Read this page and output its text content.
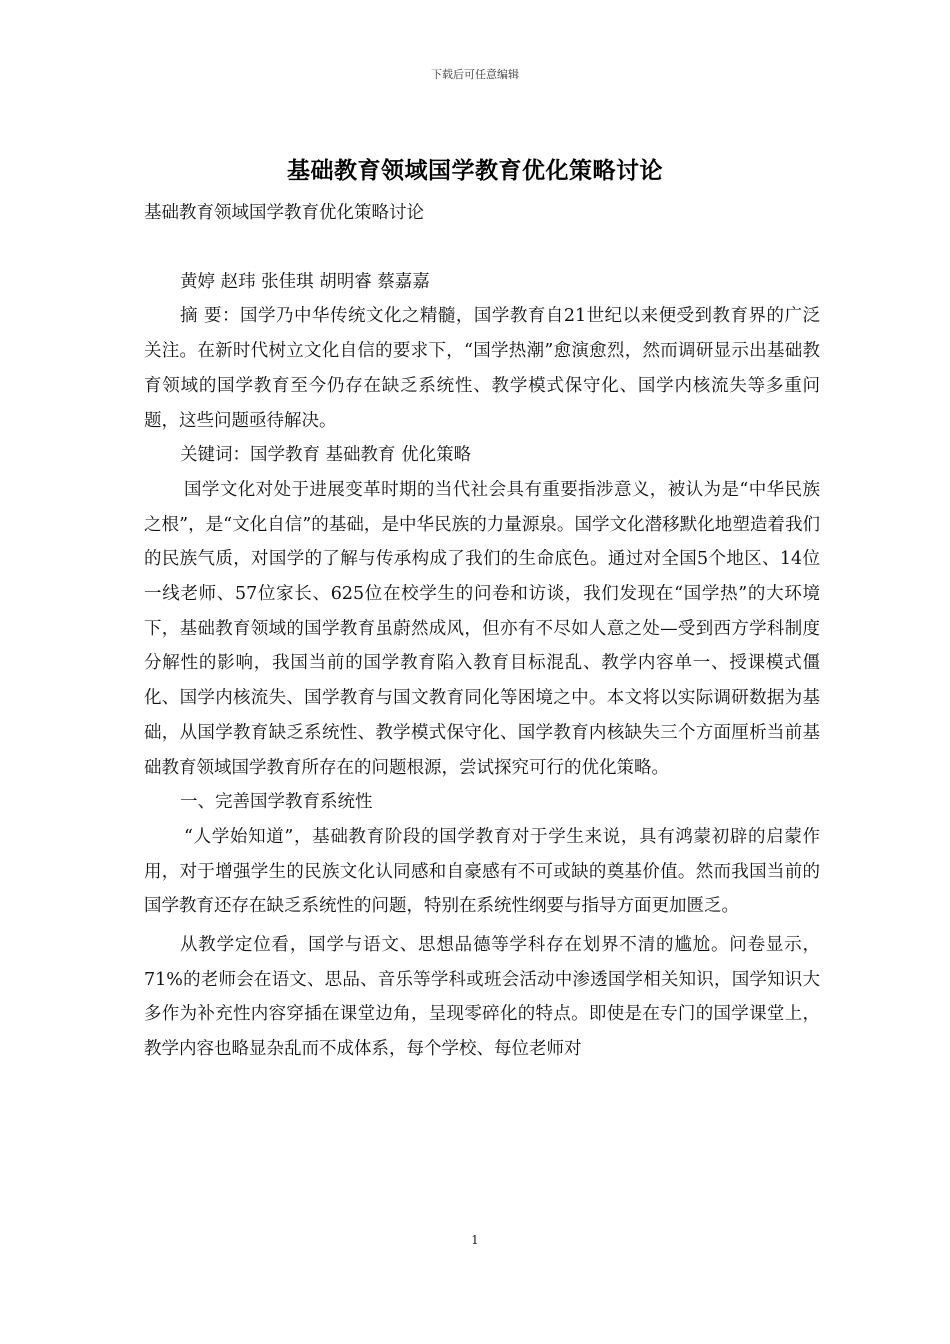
下载后可任意编辑
基础教育领域国学教育优化策略讨论

基础教育领域国学教育优化策略讨论

黄婷 赵玮 张佳琪 胡明睿 蔡嘉嘉

摘 要：国学乃中华传统文化之精髓，国学教育自21世纪以来便受到教育界的广泛关注。在新时代树立文化自信的要求下，“国学热潮”愈演愈烈，然而调研显示出基础教育领域的国学教育至今仍存在缺乏系统性、教学模式保守化、国学内核流失等多重问题，这些问题亟待解决。

关键词：国学教育 基础教育 优化策略

国学文化对处于进展变革时期的当代社会具有重要指涉意义，被认为是“中华民族之根”，是“文化自信”的基础，是中华民族的力量源泉。国学文化潜移默化地塑造着我们的民族气质，对国学的了解与传承构成了我们的生命底色。通过对全国5个地区、14位一线老师、57位家长、625位在校学生的问卷和访谈，我们发现在“国学热”的大环境下，基础教育领域的国学教育虽蔚然成风，但亦有不尽如人意之处—受到西方学科制度分解性的影响，我国当前的国学教育陷入教育目标混乱、教学内容单一、授课模式僵化、国学内核流失、国学教育与国文教育同化等困境之中。本文将以实际调研数据为基础，从国学教育缺乏系统性、教学模式保守化、国学教育内核缺失三个方面厘析当前基础教育领域国学教育所存在的问题根源，尝试探究可行的优化策略。

一、完善国学教育系统性

“人学始知道”，基础教育阶段的国学教育对于学生来说，具有鸿蒙初辟的启蒙作用，对于增强学生的民族文化认同感和自豪感有不可或缺的奠基价值。然而我国当前的国学教育还存在缺乏系统性的问题，特别在系统性纲要与指导方面更加匮乏。

从教学定位看，国学与语文、思想品德等学科存在划界不清的尴尬。问卷显示，71%的老师会在语文、思品、音乐等学科或班会活动中渗透国学相关知识，国学知识大多作为补充性内容穿插在课堂边角，呈现零碎化的特点。即使是在专门的国学课堂上，教学内容也略显杂乱而不成体系，每个学校、每位老师对

1
